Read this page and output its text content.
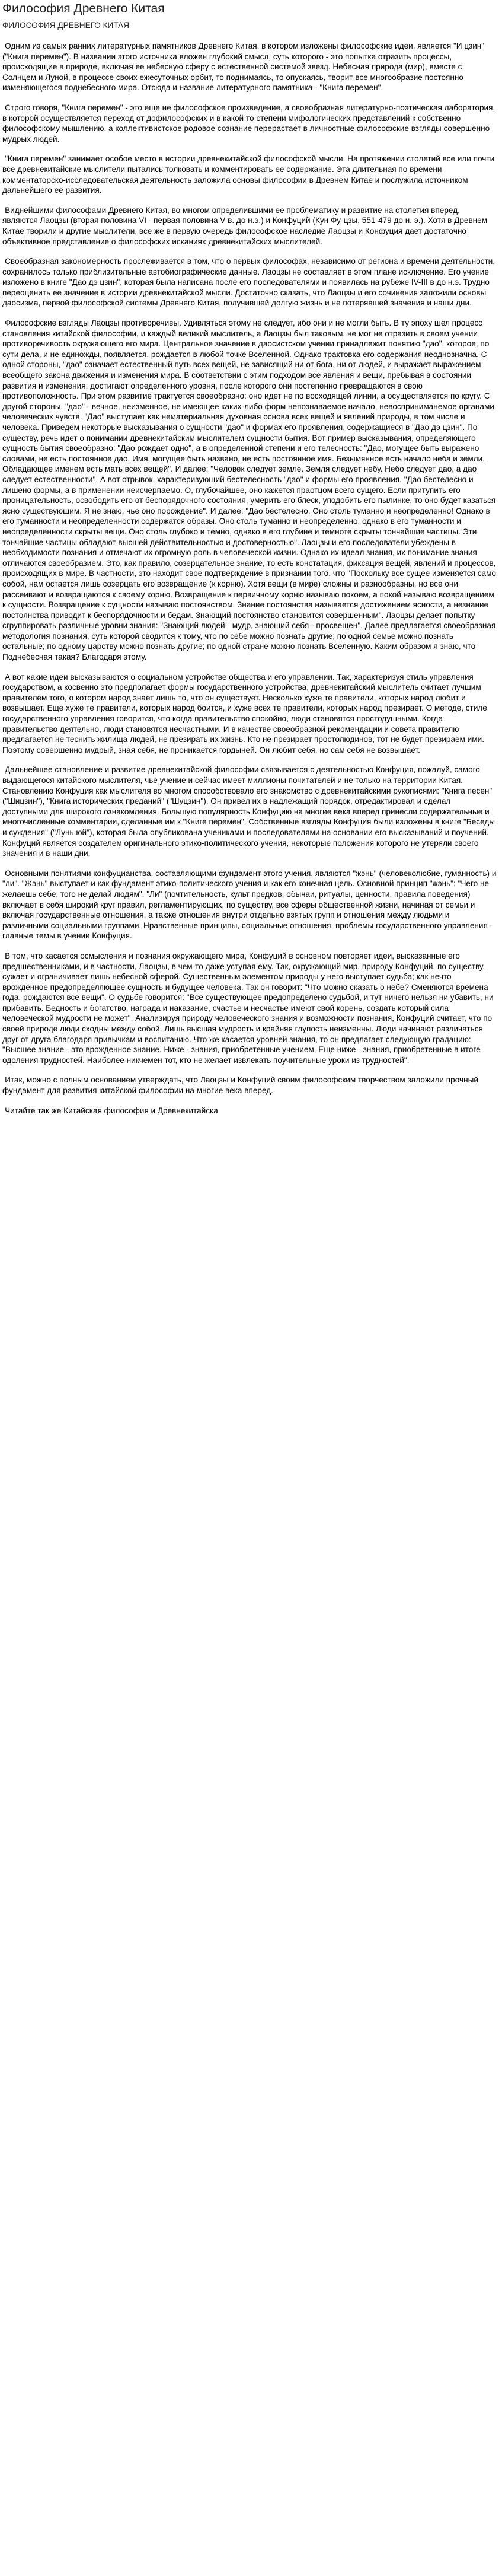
Философия Древнего Китая
ФИЛОСОФИЯ ДРЕВНЕГО КИТАЯ

Одним из самых ранних литературных памятников Древнего Китая, в котором изложены философские идеи, является "И цзин" ("Книга перемен"). В названии этого источника вложен глубокий смысл, суть которого - это попытка отразить процессы, происходящие в природе, включая ее небесную сферу с естественной системой звезд. Небесная природа (мир), вместе с Солнцем и Луной, в процессе своих ежесуточных орбит, то поднимаясь, то опускаясь, творит все многообразие постоянно изменяющегося поднебесного мира. Отсюда и название литературного памятника - "Книга перемен".

Строго говоря, "Книга перемен" - это еще не философское произведение, а своеобразная литературно-поэтическая лаборатория, в которой осуществляется переход от дофилософских и в какой то степени мифологических представлений к собственно философскому мышлению, а коллективистское родовое сознание перерастает в личностные философские взгляды совершенно мудрых людей.

"Книга перемен" занимает особое место в истории древнекитайской философской мысли. На протяжении столетий все или почти все древнекитайские мыслители пытались толковать и комментировать ее содержание. Эта длительная по времени комментаторско-исследовательская деятельность заложила основы философии в Древнем Китае и послужила источником дальнейшего ее развития.

Виднейшими философами Древнего Китая, во многом определившими ее проблематику и развитие на столетия вперед, являются Лаоцзы (вторая половина VI - первая половина V в. до н.э.) и Конфуций (Кун Фу-цзы, 551-479 до н. э.). Хотя в Древнем Китае творили и другие мыслители, все же в первую очередь философское наследие Лаоцзы и Конфуция дает достаточно объективное представление о философских исканиях древнекитайских мыслителей.

Своеобразная закономерность прослеживается в том, что о первых философах, независимо от региона и времени деятельности, сохранилось только приблизительные автобиографические данные. Лаоцзы не составляет в этом плане исключение. Его учение изложено в книге "Дао дэ цзин", которая была написана после его последователями и появилась на рубеже IV-III в до н.э. Трудно переоценить ее значение в истории древнекитайской мысли. Достаточно сказать, что Лаоцзы и его сочинения заложили основы даосизма, первой философской системы Древнего Китая, получившей долгую жизнь и не потерявшей значения и наши дни.

Философские взгляды Лаоцзы противоречивы. Удивляться этому не следует, ибо они и не могли быть. В ту эпоху шел процесс становления китайской философии, и каждый великий мыслитель, а Лаоцзы был таковым, не мог не отразить в своем учении противоречивость окружающего его мира. Центральное значение в даосистском учении принадлежит понятию "дао", которое, по сути дела, и не единожды, появляется, рождается в любой точке Вселенной. Однако трактовка его содержания неоднозначна. С одной стороны, "дао" означает естественный путь всех вещей, не зависящий ни от бога, ни от людей, и выражает выражением всеобщего закона движения и изменения мира. В соответствии с этим подходом все явления и вещи, пребывая в состоянии развития и изменения, достигают определенного уровня, после которого они постепенно превращаются в свою противоположность. При этом развитие трактуется своеобразно: оно идет не по восходящей линии, а осуществляется по кругу. С другой стороны, "дао" - вечное, неизменное, не имеющее каких-либо форм непознаваемое начало, невосприниманемое органами человеческих чувств. "Дао" выступает как нематериальная духовная основа всех вещей и явлений природы, в том числе и человека. Приведем некоторые высказывания о сущности "дао" и формах его проявления, содержащиеся в "Дао дэ цзин". По существу, речь идет о понимании древнекитайским мыслителем сущности бытия. Вот пример высказывания, определяющего сущность бытия своеобразно: "Дао рождает одно", а в определенной степени и его телесность: "Дао, могущее быть выражено словами, не есть постоянное дао. Имя, могущее быть названо, не есть постоянное имя. Безымянное есть начало неба и земли. Обладающее именем есть мать всех вещей". И далее: "Человек следует земле. Земля следует небу. Небо следует дао, а дао следует естественности". А вот отрывок, характеризующий бестелесность "дао" и формы его проявления. "Дао бестелесно и лишено формы, а в применении неисчерпаемо. О, глубочайшее, оно кажется праотцом всего сущего. Если притупить его проницательность, освободить его от беспорядочного состояния, умерить его блеск, уподобить его пылинке, то оно будет казаться ясно существующим. Я не знаю, чье оно порождение". И далее: "Дао бестелесно. Оно столь туманно и неопределенно! Однако в его туманности и неопределенности содержатся образы. Оно столь туманно и неопределенно, однако в его туманности и неопределенности скрыты вещи. Оно столь глубоко и темно, однако в его глубине и темноте скрыты тончайшие частицы. Эти тончайшие частицы обладают высшей действительностью и достоверностью". Лаоцзы и его последователи убеждены в необходимости познания и отмечают их огромную роль в человеческой жизни. Однако их идеал знания, их понимание знания отличаются своеобразием. Это, как правило, созерцательное знание, то есть констатация, фиксация вещей, явлений и процессов, происходящих в мире. В частности, это находит свое подтверждение в признании того, что "Поскольку все сущее изменяется само собой, нам остается лишь созерцать его возвращение (к корню). Хотя вещи (в мире) сложны и разнообразны, но все они рассеивают и возвращаются к своему корню. Возвращение к первичному корню называю покоем, а покой называю возвращением к сущности. Возвращение к сущности называю постоянством. Знание постоянства называется достижением ясности, а незнание постоянства приводит к беспорядочности и бедам. Знающий постоянство становится совершенным". Лаоцзы делает попытку сгруппировать различные уровни знания: "Знающий людей - мудр, знающий себя - просвещен". Далее предлагается своеобразная методология познания, суть которой сводится к тому, что по себе можно познать другие; по одной семье можно познать остальные; по одному царству можно познать другие; по одной стране можно познать Вселенную. Каким образом я знаю, что Поднебесная такая? Благодаря этому.

А вот какие идеи высказываются о социальном устройстве общества и его управлении. Так, характеризуя стиль управления государством, а косвенно это предполагает формы государственного устройства, древнекитайский мыслитель считает лучшим правителем того, о котором народ знает лишь то, что он существует. Несколько хуже те правители, которых народ любит и возвышает. Еще хуже те правители, которых народ боится, и хуже всех те правители, которых народ презирает. О методе, стиле государственного управления говорится, что когда правительство спокойно, люди становятся простодушными. Когда правительство деятельно, люди становятся несчастными. И в качестве своеобразной рекомендации и совета правителю предлагается не теснить жилища людей, не презирать их жизнь. Кто не презирает простолюдинов, тот не будет презираем ими. Поэтому совершенно мудрый, зная себя, не проникается гордыней. Он любит себя, но сам себя не возвышает.

Дальнейшее становление и развитие древнекитайской философии связывается с деятельностью Конфуция, пожалуй, самого выдающегося китайского мыслителя, чье учение и сейчас имеет миллионы почитателей и не только на территории Китая. Становлению Конфуция как мыслителя во многом способствовало его знакомство с древнекитайскими рукописями: "Книга песен" ("Шицзин"), "Книга исторических преданий" ("Шуцзин"). Он привел их в надлежащий порядок, отредактировал и сделал доступными для широкого ознакомления. Большую популярность Конфуцию на многие века вперед принесли содержательные и многочисленные комментарии, сделанные им к "Книге перемен". Собственные взгляды Конфуция были изложены в книге "Беседы и суждения" ("Лунь юй"), которая была опубликована учениками и последователями на основании его высказываний и поучений. Конфуций является создателем оригинального этико-политического учения, некоторые положения которого не утеряли своего значения и в наши дни.

Основными понятиями конфуцианства, составляющими фундамент этого учения, являются "жэнь" (человеколюбие, гуманность) и "ли". "Жэнь" выступает и как фундамент этико-политического учения и как его конечная цель. Основной принцип "жэнь": "Чего не желаешь себе, того не делай людям". "Ли" (почтительность, культ предков, обычаи, ритуалы, ценности, правила поведения) включает в себя широкий круг правил, регламентирующих, по существу, все сферы общественной жизни, начиная от семьи и включая государственные отношения, а также отношения внутри отдельно взятых групп и отношения между людьми и различными социальными группами. Нравственные принципы, социальные отношения, проблемы государственного управления - главные темы в учении Конфуция.

В том, что касается осмысления и познания окружающего мира, Конфуций в основном повторяет идеи, высказанные его предшественниками, и в частности, Лаоцзы, в чем-то даже уступая ему. Так, окружающий мир, природу Конфуций, по существу, сужает и ограничивает лишь небесной сферой. Существенным элементом природы у него выступает судьба; как нечто врожденное предопределяющее сущность и будущее человека. Так он говорит: "Что можно сказать о небе? Сменяются времена года, рождаются все вещи". О судьбе говорится: "Все существующее предопределено судьбой, и тут ничего нельзя ни убавить, ни прибавить. Бедность и богатство, награда и наказание, счастье и несчастье имеют свой корень, создать который сила человеческой мудрости не может". Анализируя природу человеческого знания и возможности познания, Конфуций считает, что по своей природе люди сходны между собой. Лишь высшая мудрость и крайняя глупость неизменны. Люди начинают различаться друг от друга благодаря привычкам и воспитанию. Что же касается уровней знания, то он предлагает следующую градацию: "Высшее знание - это врожденное знание. Ниже - знания, приобретенные учением. Еще ниже - знания, приобретенные в итоге одоления трудностей. Наиболее никчемен тот, кто не желает извлекать поучительные уроки из трудностей".

Итак, можно с полным основанием утверждать, что Лаоцзы и Конфуций своим философским творчеством заложили прочный фундамент для развития китайской философии на многие века вперед.

Читайте так же Китайская философия и Древнекитайска
